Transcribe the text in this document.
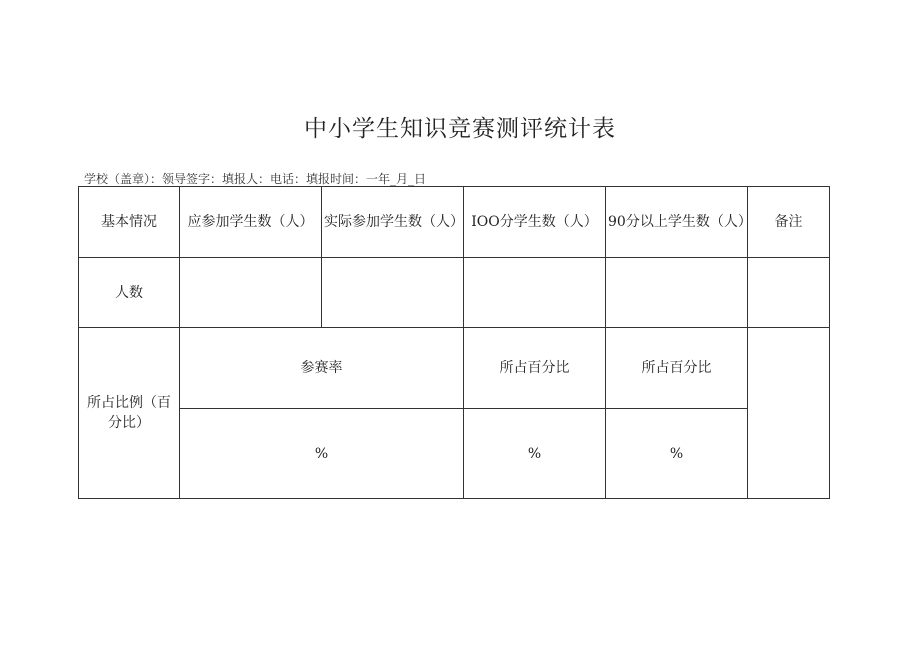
中小学生知识竞赛测评统计表
学校（盖章）：领导签字：填报人：电话：填报时间：一年_月_日
基本情况	应参加学生数（人）	实际参加学生数（人）	IOO分学生数（人）	90分以上学生数（人）	备注
人数					
所占比例（百分比）	参赛率		所占百分比	所占百分比	
	%		%	%	
